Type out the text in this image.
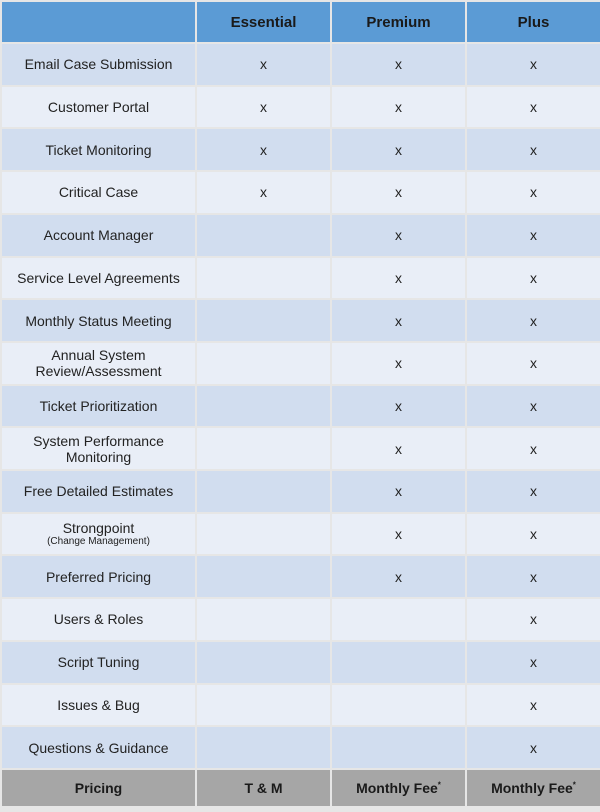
	Essential	Premium	Plus
Email Case Submission	x	x	x
Customer Portal	x	x	x
Ticket Monitoring	x	x	x
Critical Case	x	x	x
Account Manager		x	x
Service Level Agreements		x	x
Monthly Status Meeting		x	x
Annual System Review/Assessment		x	x
Ticket Prioritization		x	x
System Performance Monitoring		x	x
Free Detailed Estimates		x	x
Strongpoint
(Change Management)		x	x
Preferred Pricing		x	x
Users & Roles			x
Script Tuning			x
Issues & Bug			x
Questions & Guidance			x
Pricing	T & M	Monthly Fee*	Monthly Fee*
